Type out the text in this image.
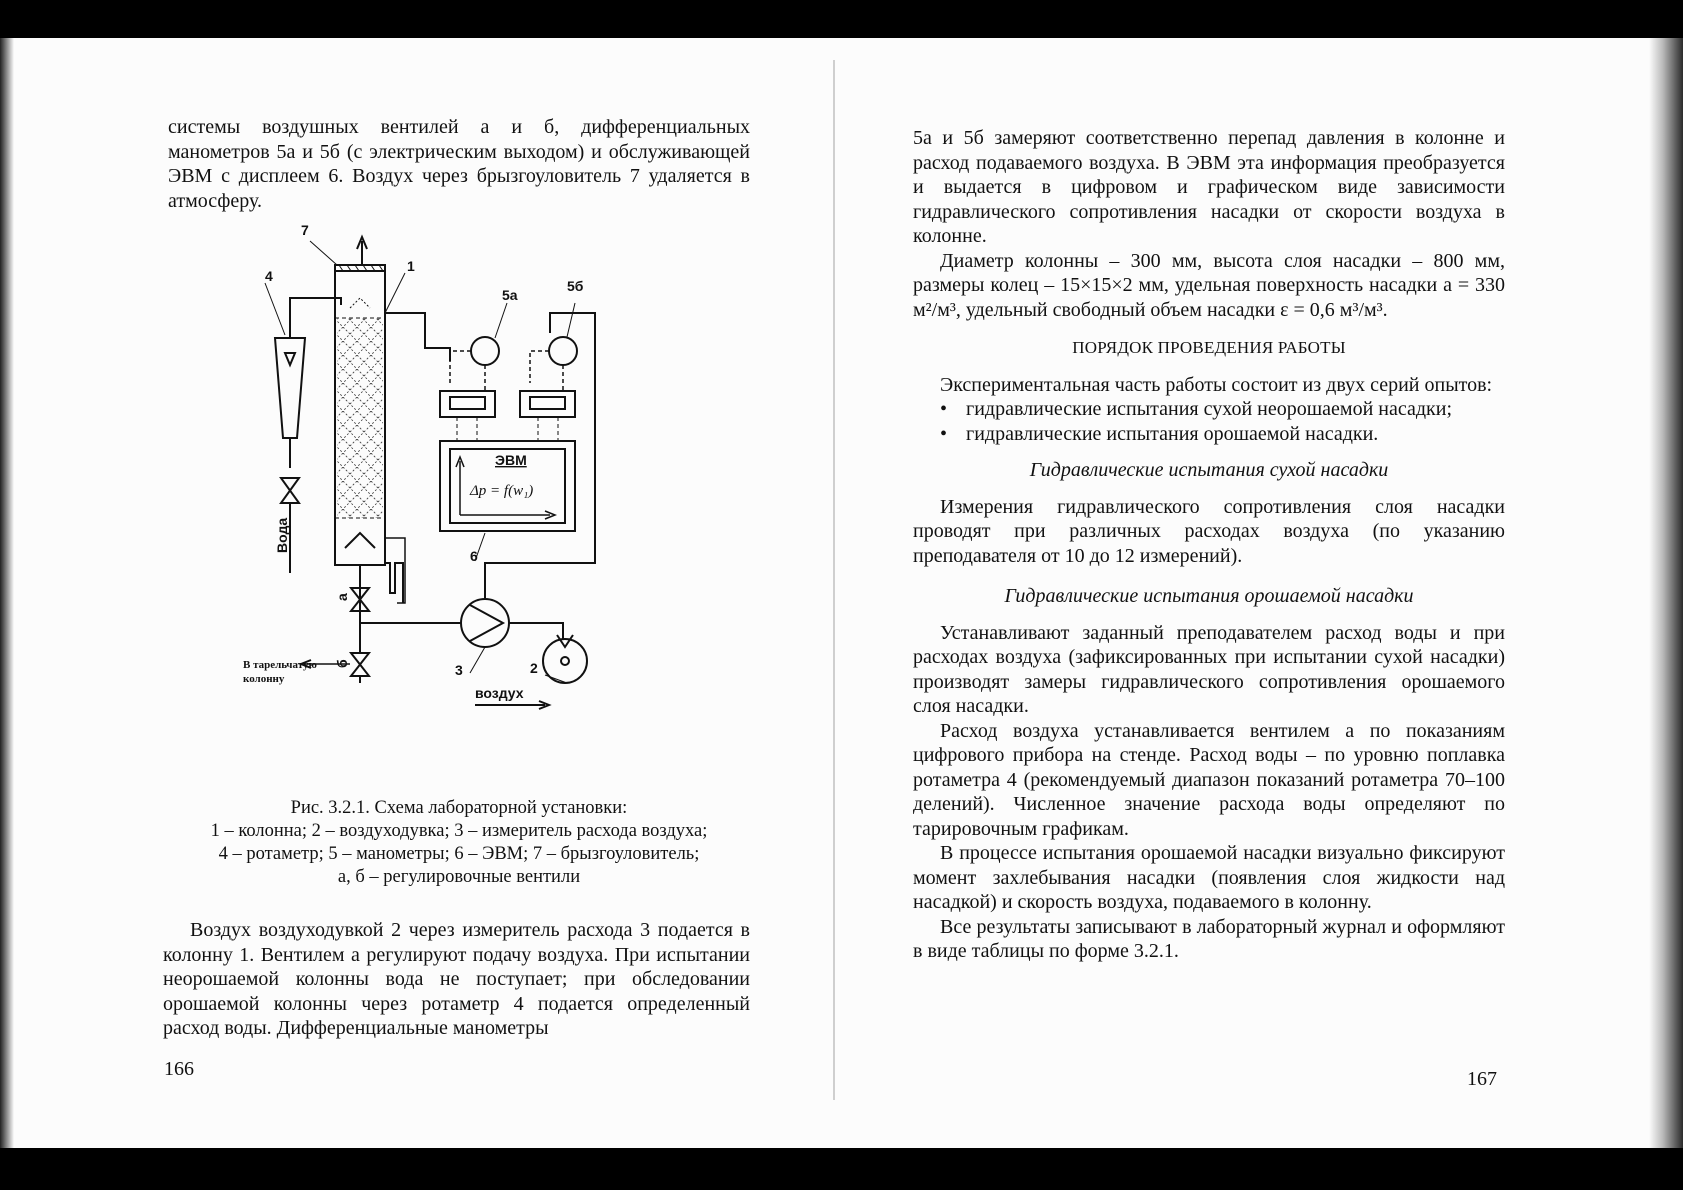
системы воздушных вентилей а и б, дифференциальных манометров 5а и 5б (с электрическим выходом) и обслуживающей ЭВМ с дисплеем 6. Воздух через брызгоуловитель 7 удаляется в атмосферу.

7
1
4
5а
5б
ЭВМ
Δp = f(w₁)
6
Вода
а
б
В тарельчатую
колонну
3	2
воздух
Рис. 3.2.1. Схема лабораторной установки:
1 – колонна; 2 – воздуходувка; 3 – измеритель расхода воздуха;
4 – ротаметр; 5 – манометры; 6 – ЭВМ; 7 – брызгоуловитель;
а, б – регулировочные вентили

Воздух воздуходувкой 2 через измеритель расхода 3 подается в колонну 1. Вентилем а регулируют подачу воздуха. При испытании неорошаемой колонны вода не поступает; при обследовании орошаемой колонны через ротаметр 4 подается определенный расход воды. Дифференциальные манометры

166

5а и 5б замеряют соответственно перепад давления в колонне и расход подаваемого воздуха. В ЭВМ эта информация преобразуется и выдается в цифровом и графическом виде зависимости гидравлического сопротивления насадки от скорости воздуха в колонне.

Диаметр колонны – 300 мм, высота слоя насадки – 800 мм, размеры колец – 15×15×2 мм, удельная поверхность насадки а = 330 м²/м³, удельный свободный объем насадки ε = 0,6 м³/м³.

ПОРЯДОК ПРОВЕДЕНИЯ РАБОТЫ

Экспериментальная часть работы состоит из двух серий опытов:

• гидравлические испытания сухой неорошаемой насадки;
• гидравлические испытания орошаемой насадки.
Гидравлические испытания сухой насадки

Измерения гидравлического сопротивления слоя насадки проводят при различных расходах воздуха (по указанию преподавателя от 10 до 12 измерений).

Гидравлические испытания орошаемой насадки

Устанавливают заданный преподавателем расход воды и при расходах воздуха (зафиксированных при испытании сухой насадки) производят замеры гидравлического сопротивления орошаемого слоя насадки.

Расход воздуха устанавливается вентилем а по показаниям цифрового прибора на стенде. Расход воды – по уровню поплавка ротаметра 4 (рекомендуемый диапазон показаний ротаметра 70–100 делений). Численное значение расхода воды определяют по тарировочным графикам.

В процессе испытания орошаемой насадки визуально фиксируют момент захлебывания насадки (появления слоя жидкости над насадкой) и скорость воздуха, подаваемого в колонну.

Все результаты записывают в лабораторный журнал и оформляют в виде таблицы по форме 3.2.1.

167
